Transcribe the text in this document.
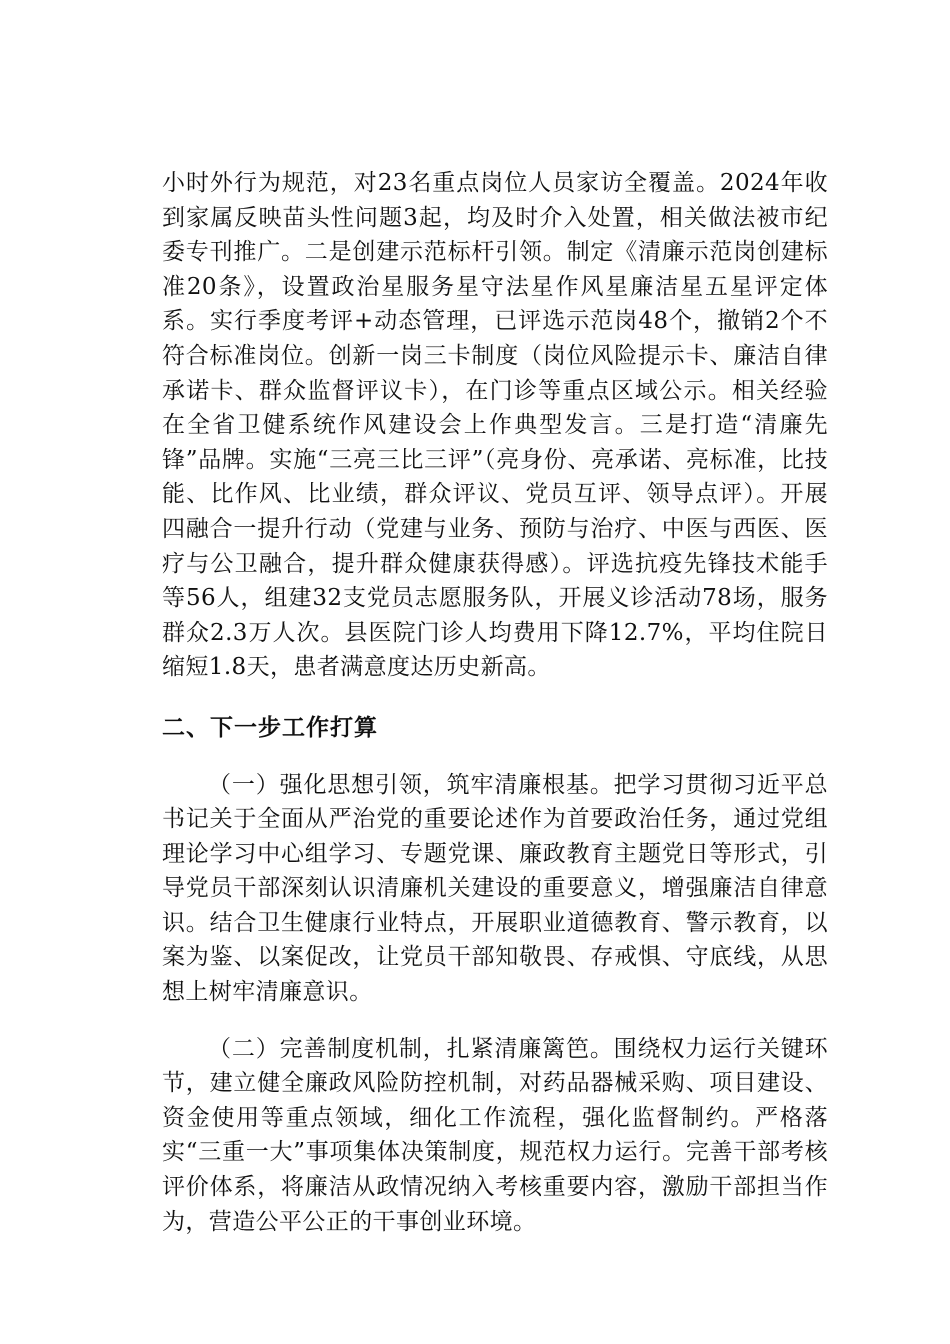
小时外行为规范，对23名重点岗位人员家访全覆盖。2024年收到家属反映苗头性问题3起，均及时介入处置，相关做法被市纪委专刊推广。二是创建示范标杆引领。制定《清廉示范岗创建标准20条》，设置政治星服务星守法星作风星廉洁星五星评定体系。实行季度考评+动态管理，已评选示范岗48个，撤销2个不符合标准岗位。创新一岗三卡制度（岗位风险提示卡、廉洁自律承诺卡、群众监督评议卡），在门诊等重点区域公示。相关经验在全省卫健系统作风建设会上作典型发言。三是打造“清廉先锋”品牌。实施“三亮三比三评”（亮身份、亮承诺、亮标准，比技能、比作风、比业绩，群众评议、党员互评、领导点评）。开展四融合一提升行动（党建与业务、预防与治疗、中医与西医、医疗与公卫融合，提升群众健康获得感）。评选抗疫先锋技术能手等56人，组建32支党员志愿服务队，开展义诊活动78场，服务群众2.3万人次。县医院门诊人均费用下降12.7%，平均住院日缩短1.8天，患者满意度达历史新高。

二、下一步工作打算

（一）强化思想引领，筑牢清廉根基。把学习贯彻习近平总书记关于全面从严治党的重要论述作为首要政治任务，通过党组理论学习中心组学习、专题党课、廉政教育主题党日等形式，引导党员干部深刻认识清廉机关建设的重要意义，增强廉洁自律意识。结合卫生健康行业特点，开展职业道德教育、警示教育，以案为鉴、以案促改，让党员干部知敬畏、存戒惧、守底线，从思想上树牢清廉意识。

（二）完善制度机制，扎紧清廉篱笆。围绕权力运行关键环节，建立健全廉政风险防控机制，对药品器械采购、项目建设、资金使用等重点领域，细化工作流程，强化监督制约。严格落实“三重一大”事项集体决策制度，规范权力运行。完善干部考核评价体系，将廉洁从政情况纳入考核重要内容，激励干部担当作为，营造公平公正的干事创业环境。
